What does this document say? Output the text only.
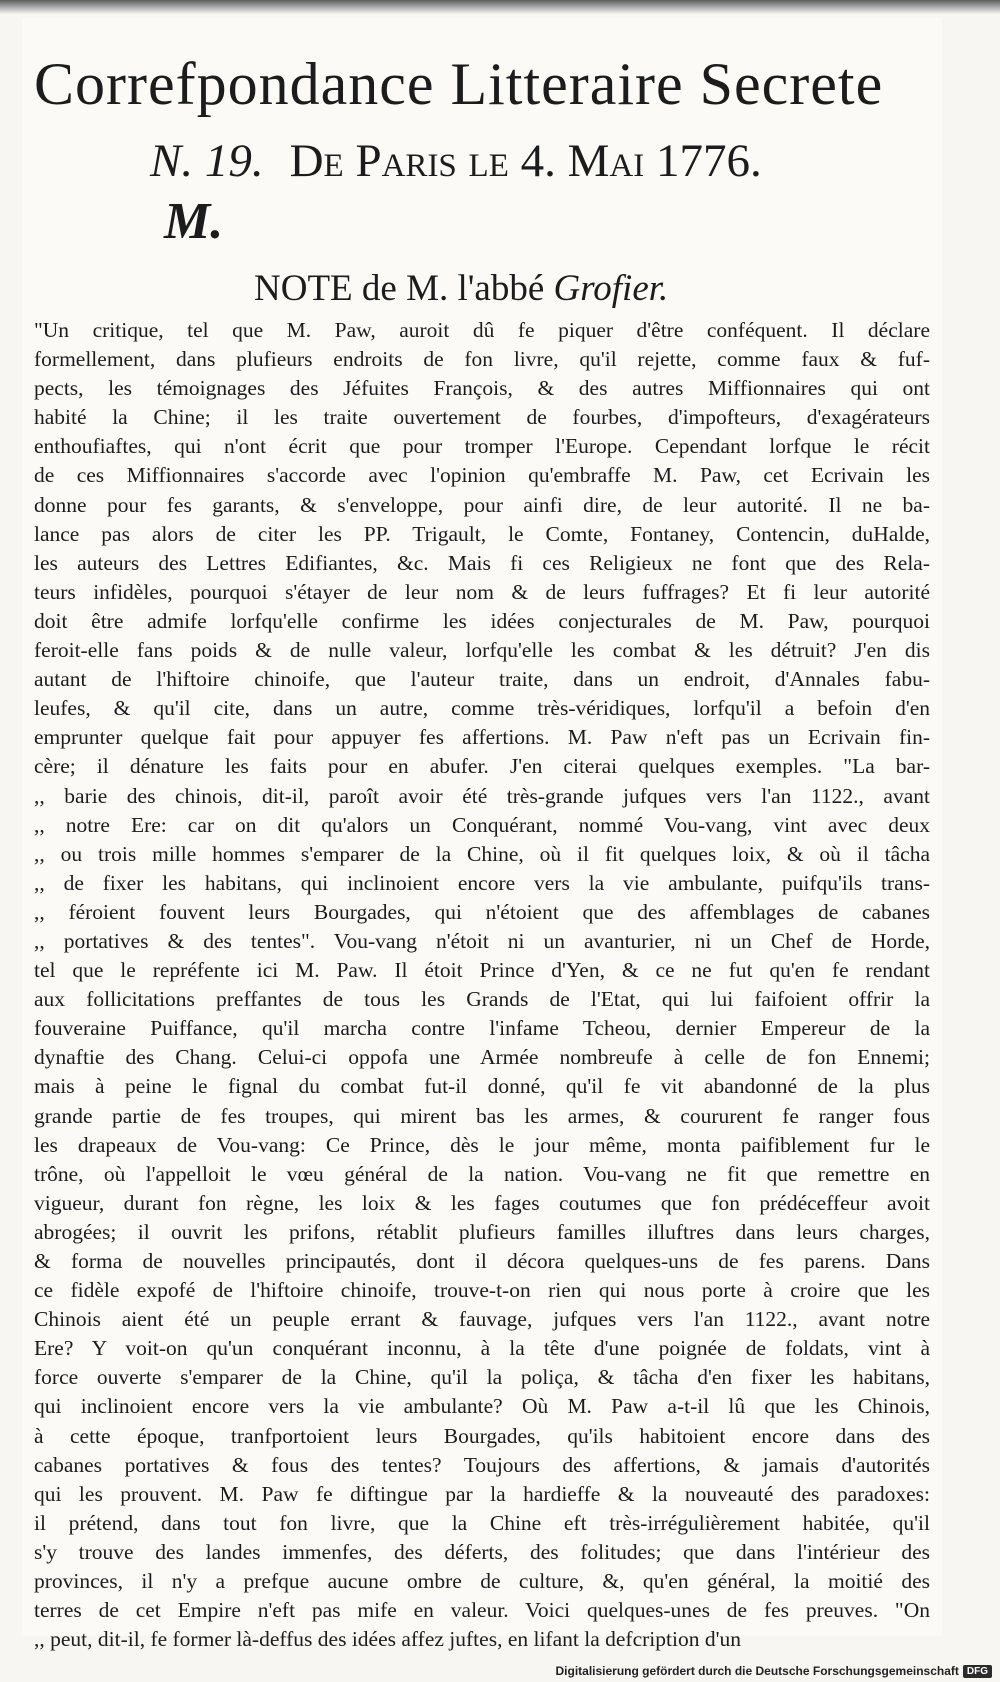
Correfpondance Litteraire Secrete
N. 19. De Paris le 4. Mai 1776.
M.
NOTE de M. l'abbé Grofier.
"Un critique, tel que M. Paw, auroit dû fe piquer d'être conféquent. Il déclare
formellement, dans plufieurs endroits de fon livre, qu'il rejette, comme faux & fuf-
pects, les témoignages des Jéfuites François, & des autres Miffionnaires qui ont
habité la Chine; il les traite ouvertement de fourbes, d'impofteurs, d'exagérateurs
enthoufiaftes, qui n'ont écrit que pour tromper l'Europe. Cependant lorfque le récit
de ces Miffionnaires s'accorde avec l'opinion qu'embraffe M. Paw, cet Ecrivain les
donne pour fes garants, & s'enveloppe, pour ainfi dire, de leur autorité. Il ne ba-
lance pas alors de citer les PP. Trigault, le Comte, Fontaney, Contencin, duHalde,
les auteurs des Lettres Edifiantes, &c. Mais fi ces Religieux ne font que des Rela-
teurs infidèles, pourquoi s'étayer de leur nom & de leurs fuffrages? Et fi leur autorité
doit être admife lorfqu'elle confirme les idées conjecturales de M. Paw, pourquoi
feroit-elle fans poids & de nulle valeur, lorfqu'elle les combat & les détruit? J'en dis
autant de l'hiftoire chinoife, que l'auteur traite, dans un endroit, d'Annales fabu-
leufes, & qu'il cite, dans un autre, comme très-véridiques, lorfqu'il a befoin d'en
emprunter quelque fait pour appuyer fes affertions. M. Paw n'eft pas un Ecrivain fin-
cère; il dénature les faits pour en abufer. J'en citerai quelques exemples. "La bar-
,, barie des chinois, dit-il, paroît avoir été très-grande jufques vers l'an 1122., avant
,, notre Ere: car on dit qu'alors un Conquérant, nommé Vou-vang, vint avec deux
,, ou trois mille hommes s'emparer de la Chine, où il fit quelques loix, & où il tâcha
,, de fixer les habitans, qui inclinoient encore vers la vie ambulante, puifqu'ils trans-
,, féroient fouvent leurs Bourgades, qui n'étoient que des affemblages de cabanes
,, portatives & des tentes". Vou-vang n'étoit ni un avanturier, ni un Chef de Horde,
tel que le repréfente ici M. Paw. Il étoit Prince d'Yen, & ce ne fut qu'en fe rendant
aux follicitations preffantes de tous les Grands de l'Etat, qui lui faifoient offrir la
fouveraine Puiffance, qu'il marcha contre l'infame Tcheou, dernier Empereur de la
dynaftie des Chang. Celui-ci oppofa une Armée nombreufe à celle de fon Ennemi;
mais à peine le fignal du combat fut-il donné, qu'il fe vit abandonné de la plus
grande partie de fes troupes, qui mirent bas les armes, & coururent fe ranger fous
les drapeaux de Vou-vang: Ce Prince, dès le jour même, monta paifiblement fur le
trône, où l'appelloit le vœu général de la nation. Vou-vang ne fit que remettre en
vigueur, durant fon règne, les loix & les fages coutumes que fon prédéceffeur avoit
abrogées; il ouvrit les prifons, rétablit plufieurs familles illuftres dans leurs charges,
& forma de nouvelles principautés, dont il décora quelques-uns de fes parens. Dans
ce fidèle expofé de l'hiftoire chinoife, trouve-t-on rien qui nous porte à croire que les
Chinois aient été un peuple errant & fauvage, jufques vers l'an 1122., avant notre
Ere? Y voit-on qu'un conquérant inconnu, à la tête d'une poignée de foldats, vint à
force ouverte s'emparer de la Chine, qu'il la poliça, & tâcha d'en fixer les habitans,
qui inclinoient encore vers la vie ambulante? Où M. Paw a-t-il lû que les Chinois,
à cette époque, tranfportoient leurs Bourgades, qu'ils habitoient encore dans des
cabanes portatives & fous des tentes? Toujours des affertions, & jamais d'autorités
qui les prouvent. M. Paw fe diftingue par la hardieffe & la nouveauté des paradoxes:
il prétend, dans tout fon livre, que la Chine eft très-irrégulièrement habitée, qu'il
s'y trouve des landes immenfes, des déferts, des folitudes; que dans l'intérieur des
provinces, il n'y a prefque aucune ombre de culture, &, qu'en général, la moitié des
terres de cet Empire n'eft pas mife en valeur. Voici quelques-unes de fes preuves. "On
,, peut, dit-il, fe former là-deffus des idées affez juftes, en lifant la defcription d'un
Digitalisierung gefördert durch die Deutsche Forschungsgemeinschaft DFG
